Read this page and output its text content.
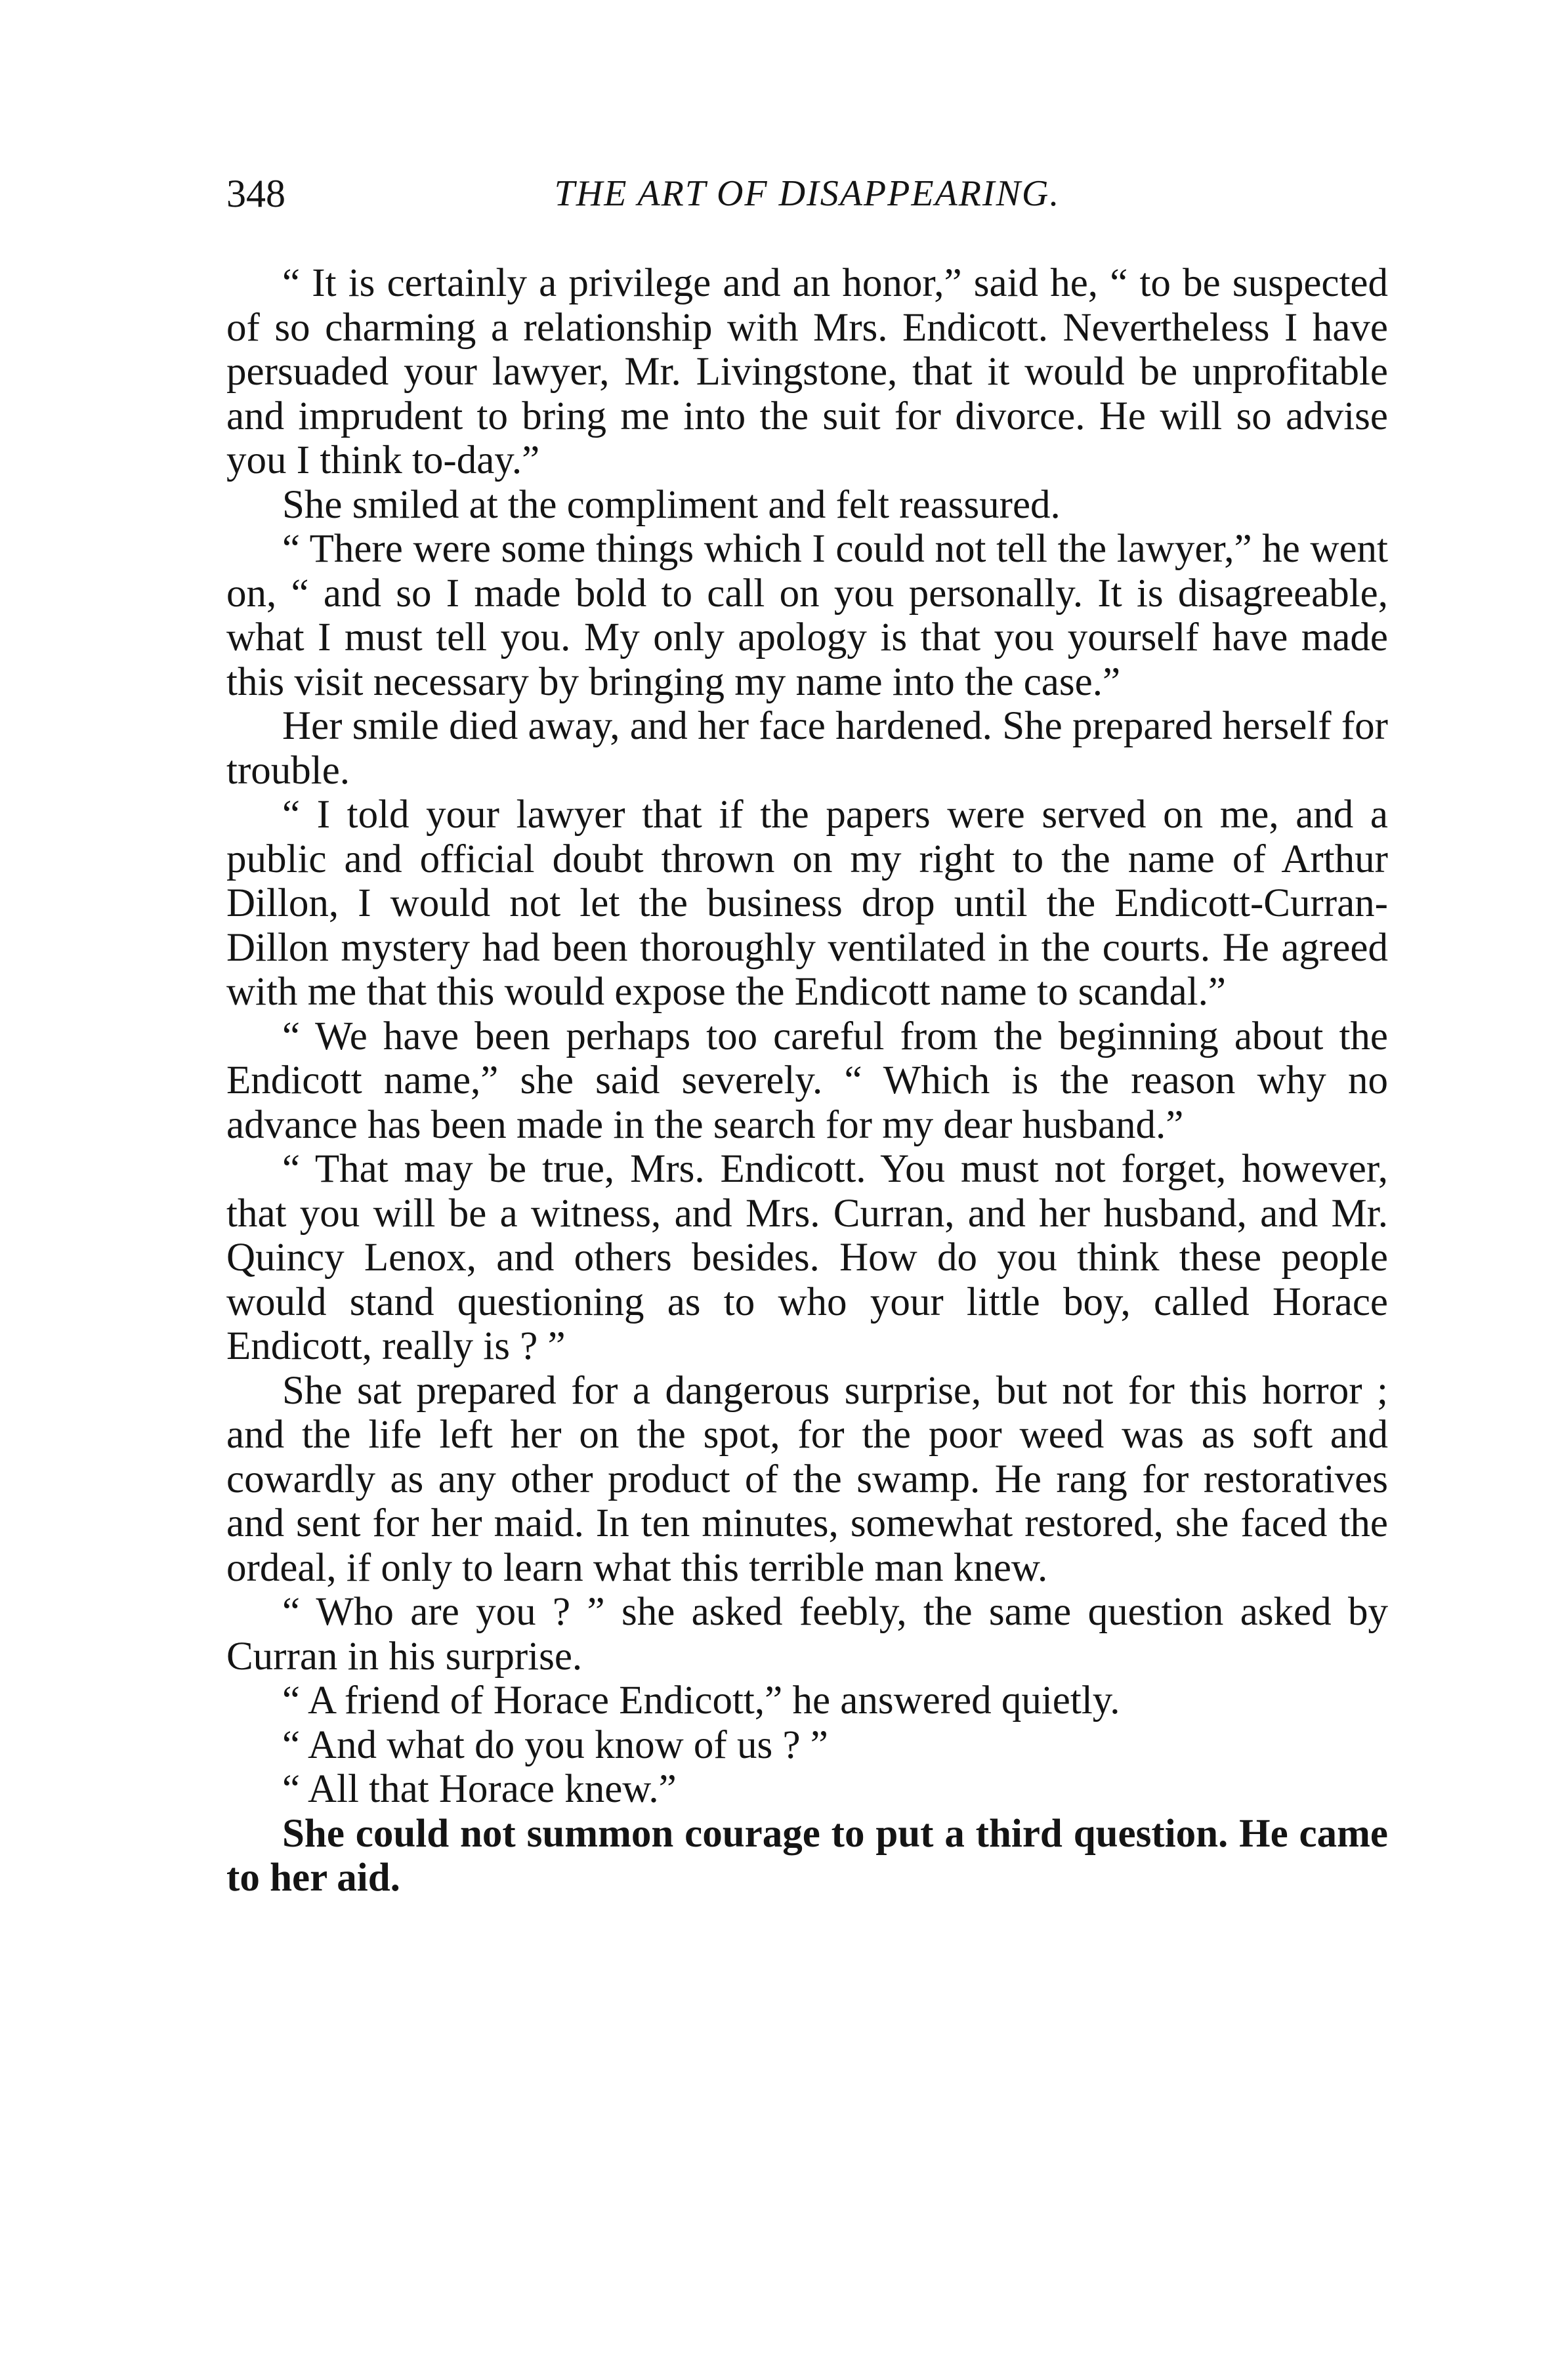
348	THE ART OF DISAPPEARING.

“ It is certainly a privilege and an honor,” said he, “ to be suspected of so charming a relationship with Mrs. Endicott. Nevertheless I have persuaded your lawyer, Mr. Livingstone, that it would be unprofitable and imprudent to bring me into the suit for divorce. He will so advise you I think to-day.”

She smiled at the compliment and felt reassured.

“ There were some things which I could not tell the lawyer,” he went on, “ and so I made bold to call on you personally. It is disagreeable, what I must tell you. My only apology is that you yourself have made this visit necessary by bringing my name into the case.”

Her smile died away, and her face hardened. She prepared herself for trouble.

“ I told your lawyer that if the papers were served on me, and a public and official doubt thrown on my right to the name of Arthur Dillon, I would not let the business drop until the Endicott-Curran-Dillon mystery had been thoroughly ventilated in the courts. He agreed with me that this would expose the Endicott name to scandal.”

“ We have been perhaps too careful from the beginning about the Endicott name,” she said severely. “ Which is the reason why no advance has been made in the search for my dear husband.”

“ That may be true, Mrs. Endicott. You must not forget, however, that you will be a witness, and Mrs. Curran, and her husband, and Mr. Quincy Lenox, and others besides. How do you think these people would stand questioning as to who your little boy, called Horace Endicott, really is ? ”

She sat prepared for a dangerous surprise, but not for this horror ; and the life left her on the spot, for the poor weed was as soft and cowardly as any other product of the swamp. He rang for restoratives and sent for her maid. In ten minutes, somewhat restored, she faced the ordeal, if only to learn what this terrible man knew.

“ Who are you ? ” she asked feebly, the same question asked by Curran in his surprise.

“ A friend of Horace Endicott,” he answered quietly.

“ And what do you know of us ? ”

“ All that Horace knew.”

She could not summon courage to put a third question. He came to her aid.
